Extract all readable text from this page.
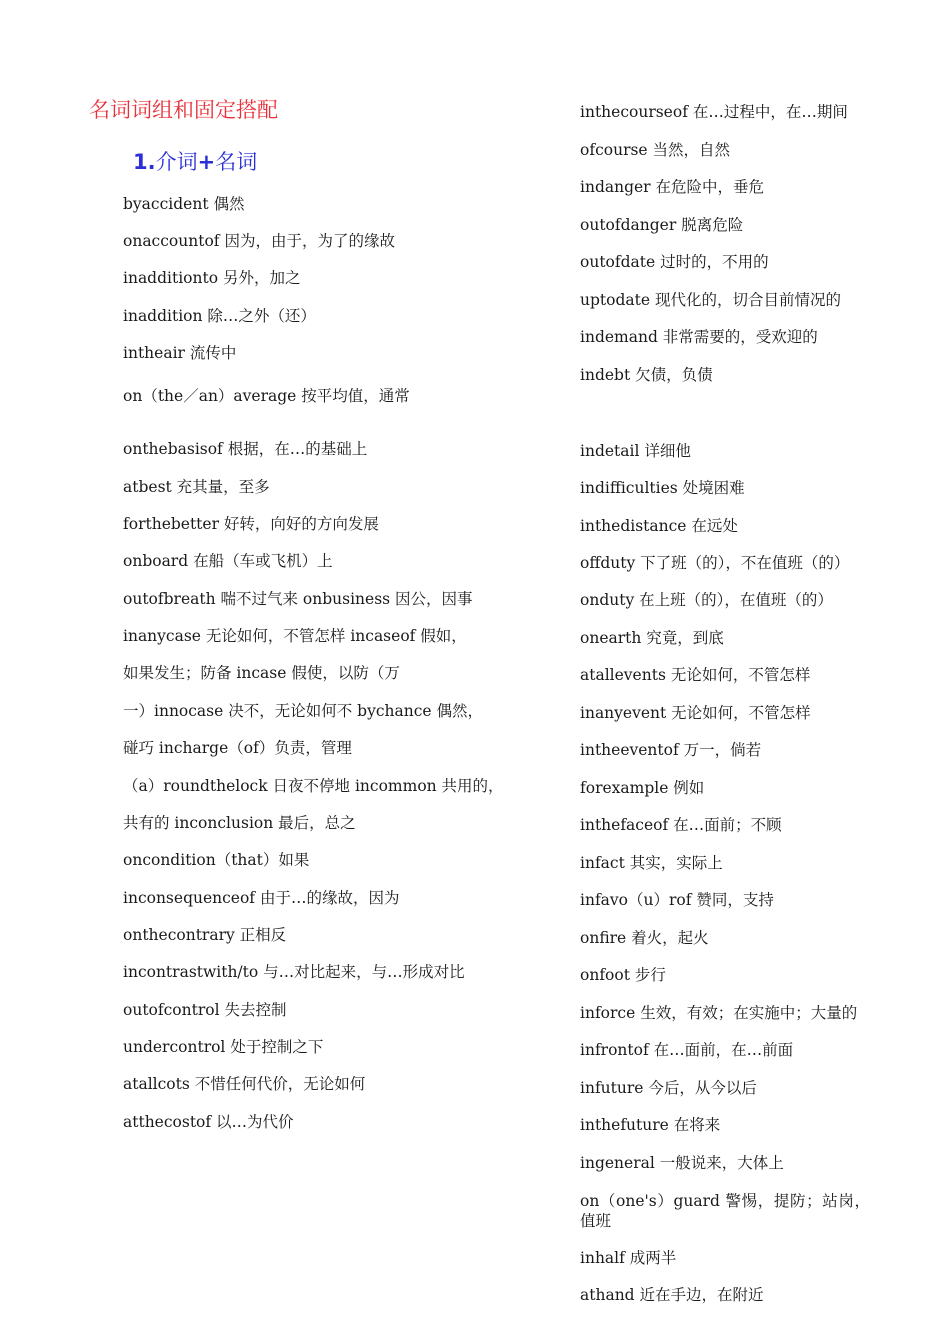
名词词组和固定搭配
1.介词+名词
byaccident 偶然
onaccountof 因为，由于，为了的缘故
inadditionto 另外，加之
inaddition 除…之外（还）
intheair 流传中
on（the／an）average 按平均值，通常
onthebasisof 根据，在…的基础上
atbest 充其量，至多
forthebetter 好转，向好的方向发展
onboard 在船（车或飞机）上
outofbreath 喘不过气来 onbusiness 因公，因事
inanycase 无论如何，不管怎样 incaseof 假如，
如果发生；防备 incase 假使，以防（万
一）innocase 决不，无论如何不 bychance 偶然，
碰巧 incharge（of）负责，管理
（a）roundthelock 日夜不停地 incommon 共用的，
共有的 inconclusion 最后，总之
oncondition（that）如果
inconsequenceof 由于…的缘故，因为
onthecontrary 正相反
incontrastwith/to 与…对比起来，与…形成对比
outofcontrol 失去控制
undercontrol 处于控制之下
atallcots 不惜任何代价，无论如何
atthecostof 以…为代价
inthecourseof 在…过程中，在…期间
ofcourse 当然，自然
indanger 在危险中，垂危
outofdanger 脱离危险
outofdate 过时的，不用的
uptodate 现代化的，切合目前情况的
indemand 非常需要的，受欢迎的
indebt 欠债，负债
indetail 详细他
indifficulties 处境困难
inthedistance 在远处
offduty 下了班（的），不在值班（的）
onduty 在上班（的），在值班（的）
onearth 究竟，到底
atallevents 无论如何，不管怎样
inanyevent 无论如何，不管怎样
intheeventof 万一，倘若
forexample 例如
inthefaceof 在…面前；不顾
infact 其实，实际上
infavo（u）rof 赞同，支持
onfire 着火，起火
onfoot 步行
inforce 生效，有效；在实施中；大量的
infrontof 在…面前，在…前面
infuture 今后，从今以后
inthefuture 在将来
ingeneral 一般说来，大体上
on（one's）guard 警惕，提防；站岗，值班
inhalf 成两半
athand 近在手边，在附近
